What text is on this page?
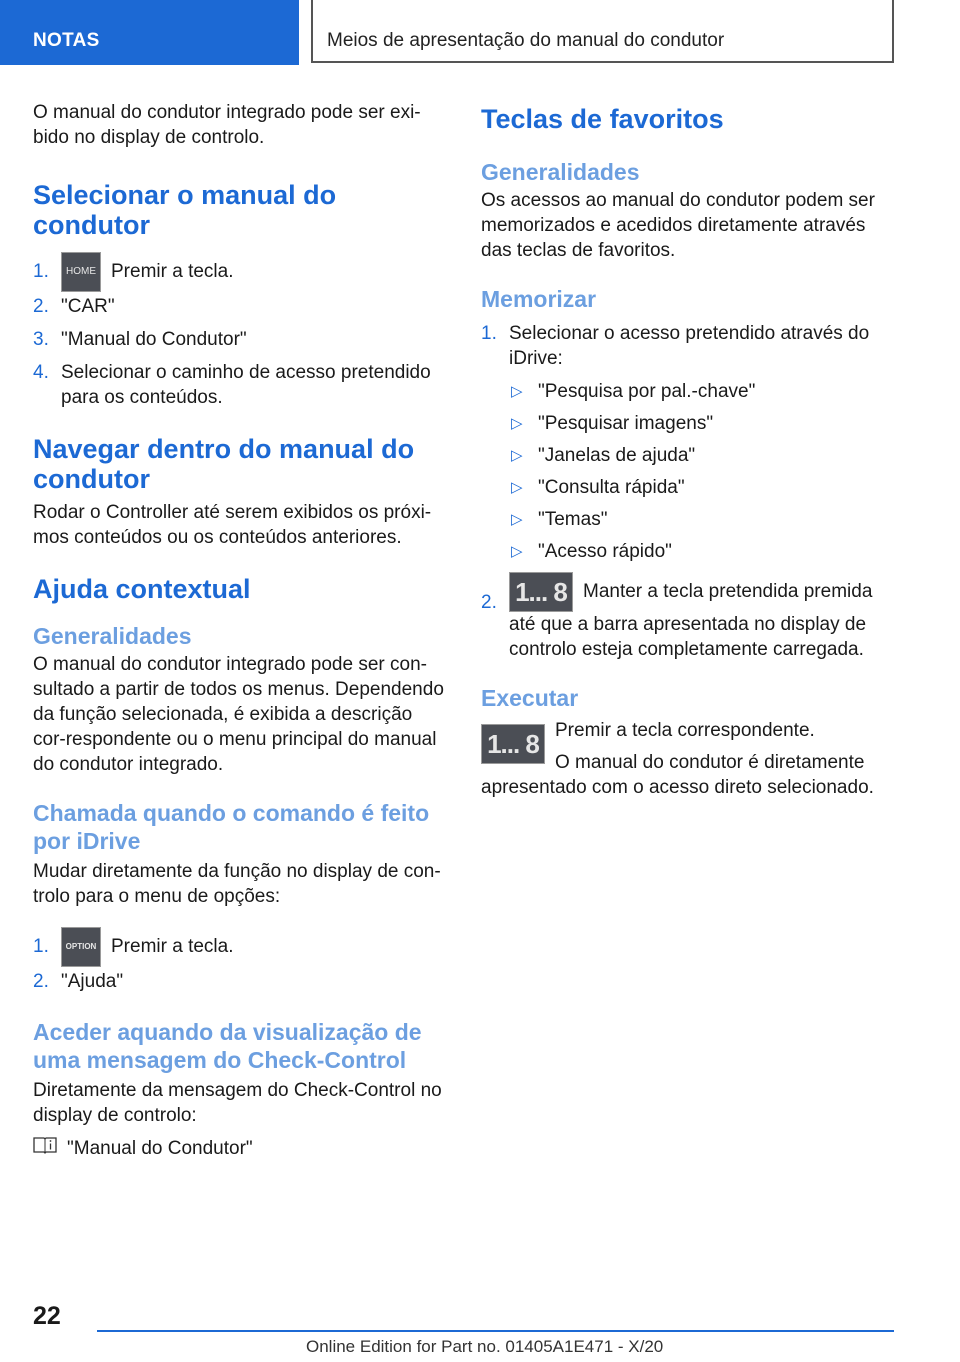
NOTAS	Meios de apresentação do manual do condutor

O manual do condutor integrado pode ser exi-bido no display de controlo.

Selecionar o manual do condutor
1. HOME Premir a tecla.
2. "CAR"
3. "Manual do Condutor"
4. Selecionar o caminho de acesso pretendido para os conteúdos.
Navegar dentro do manual do condutor

Rodar o Controller até serem exibidos os próxi-mos conteúdos ou os conteúdos anteriores.

Ajuda contextual
Generalidades

O manual do condutor integrado pode ser con-sultado a partir de todos os menus. Dependendo da função selecionada, é exibida a descrição cor-respondente ou o menu principal do manual do condutor integrado.

Chamada quando o comando é feito por iDrive

Mudar diretamente da função no display de con-trolo para o menu de opções:

1. OPTION Premir a tecla.
2. "Ajuda"
Aceder aquando da visualização de uma mensagem do Check-Control

Diretamente da mensagem do Check-Control no display de controlo:

"Manual do Condutor"

Teclas de favoritos
Generalidades

Os acessos ao manual do condutor podem ser memorizados e acedidos diretamente através das teclas de favoritos.

Memorizar
1. Selecionar o acesso pretendido através do iDrive:
▷ "Pesquisa por pal.-chave"
▷ "Pesquisar imagens"
▷ "Janelas de ajuda"
▷ "Consulta rápida"
▷ "Temas"
▷ "Acesso rápido"
2. 1... 8 Manter a tecla pretendida premida até que a barra apresentada no display de controlo esteja completamente carregada.
Executar
1... 8 Premir a tecla correspondente.

O manual do condutor é diretamente apresentado com o acesso direto selecionado.

22
Online Edition for Part no. 01405A1E471 - X/20
